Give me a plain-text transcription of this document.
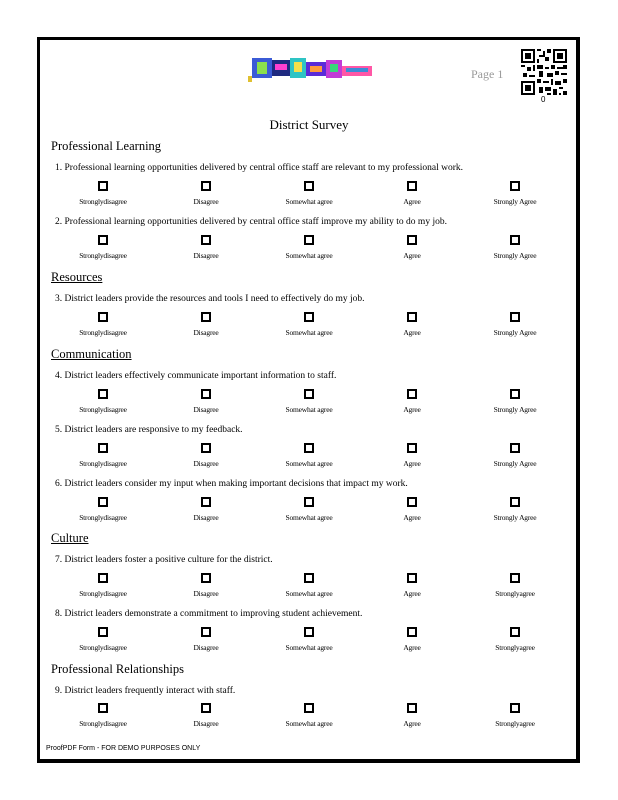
Page 1
0
District Survey
Professional Learning
1. Professional learning opportunities delivered by central office staff are relevant to my professional work.
Stronglydisagree	Disagree	Somewhat agree	Agree	Strongly Agree
2. Professional learning opportunities delivered by central office staff improve my ability to do my job.
Stronglydisagree	Disagree	Somewhat agree	Agree	Strongly Agree
Resources
3. District leaders provide the resources and tools I need to effectively do my job.
Stronglydisagree	Disagree	Somewhat agree	Agree	Strongly Agree
Communication
4. District leaders effectively communicate important information to staff.
Stronglydisagree	Disagree	Somewhat agree	Agree	Strongly Agree
5. District leaders are responsive to my feedback.
Stronglydisagree	Disagree	Somewhat agree	Agree	Strongly Agree
6. District leaders consider my input when making important decisions that impact my work.
Stronglydisagree	Disagree	Somewhat agree	Agree	Strongly Agree
Culture
7. District leaders foster a positive culture for the district.
Stronglydisagree	Disagree	Somewhat agree	Agree	Stronglyagree
8. District leaders demonstrate a commitment to improving student achievement.
Stronglydisagree	Disagree	Somewhat agree	Agree	Stronglyagree
Professional Relationships
9. District leaders frequently interact with staff.
Stronglydisagree	Disagree	Somewhat agree	Agree	Stronglyagree
ProofPDF Form - FOR DEMO PURPOSES ONLY
